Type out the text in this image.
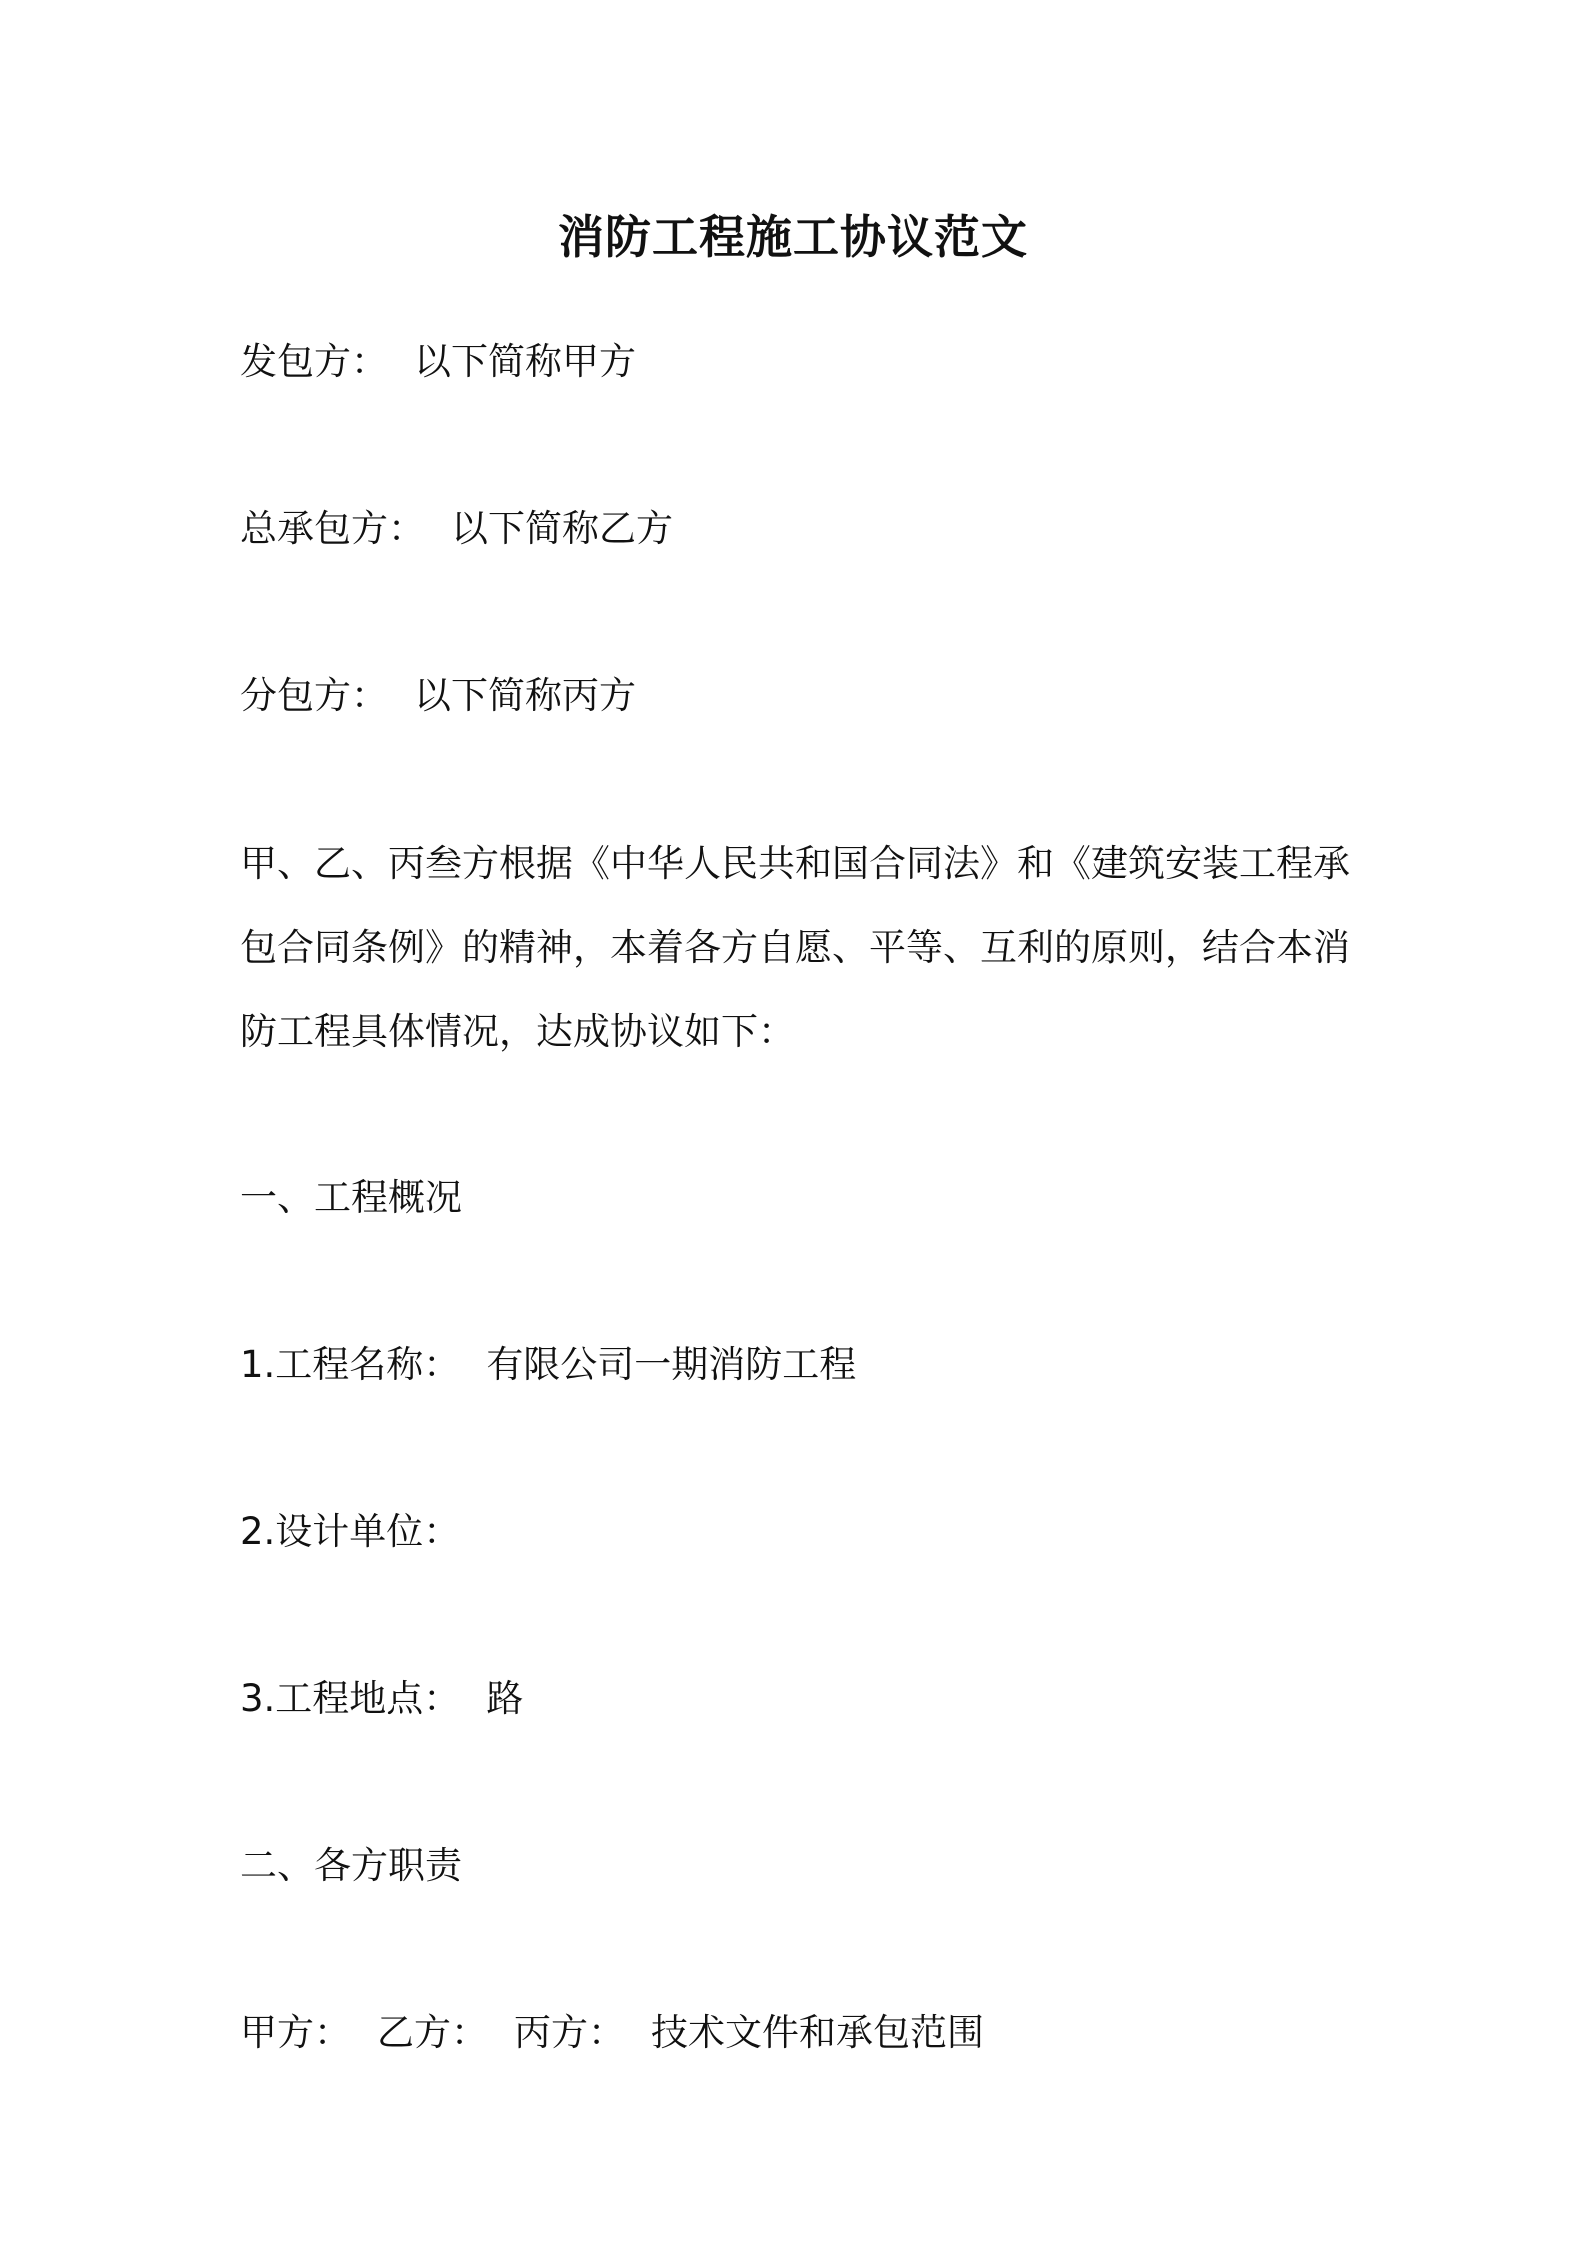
消防工程施工协议范文
发包方： 以下简称甲方
总承包方： 以下简称乙方
分包方： 以下简称丙方
甲、乙、丙叁方根据《中华人民共和国合同法》和《建筑安装工程承
包合同条例》的精神，本着各方自愿、平等、互利的原则，结合本消
防工程具体情况，达成协议如下：
一、工程概况
1.工程名称： 有限公司一期消防工程
2.设计单位：
3.工程地点： 路
二、各方职责
甲方： 乙方： 丙方： 技术文件和承包范围
